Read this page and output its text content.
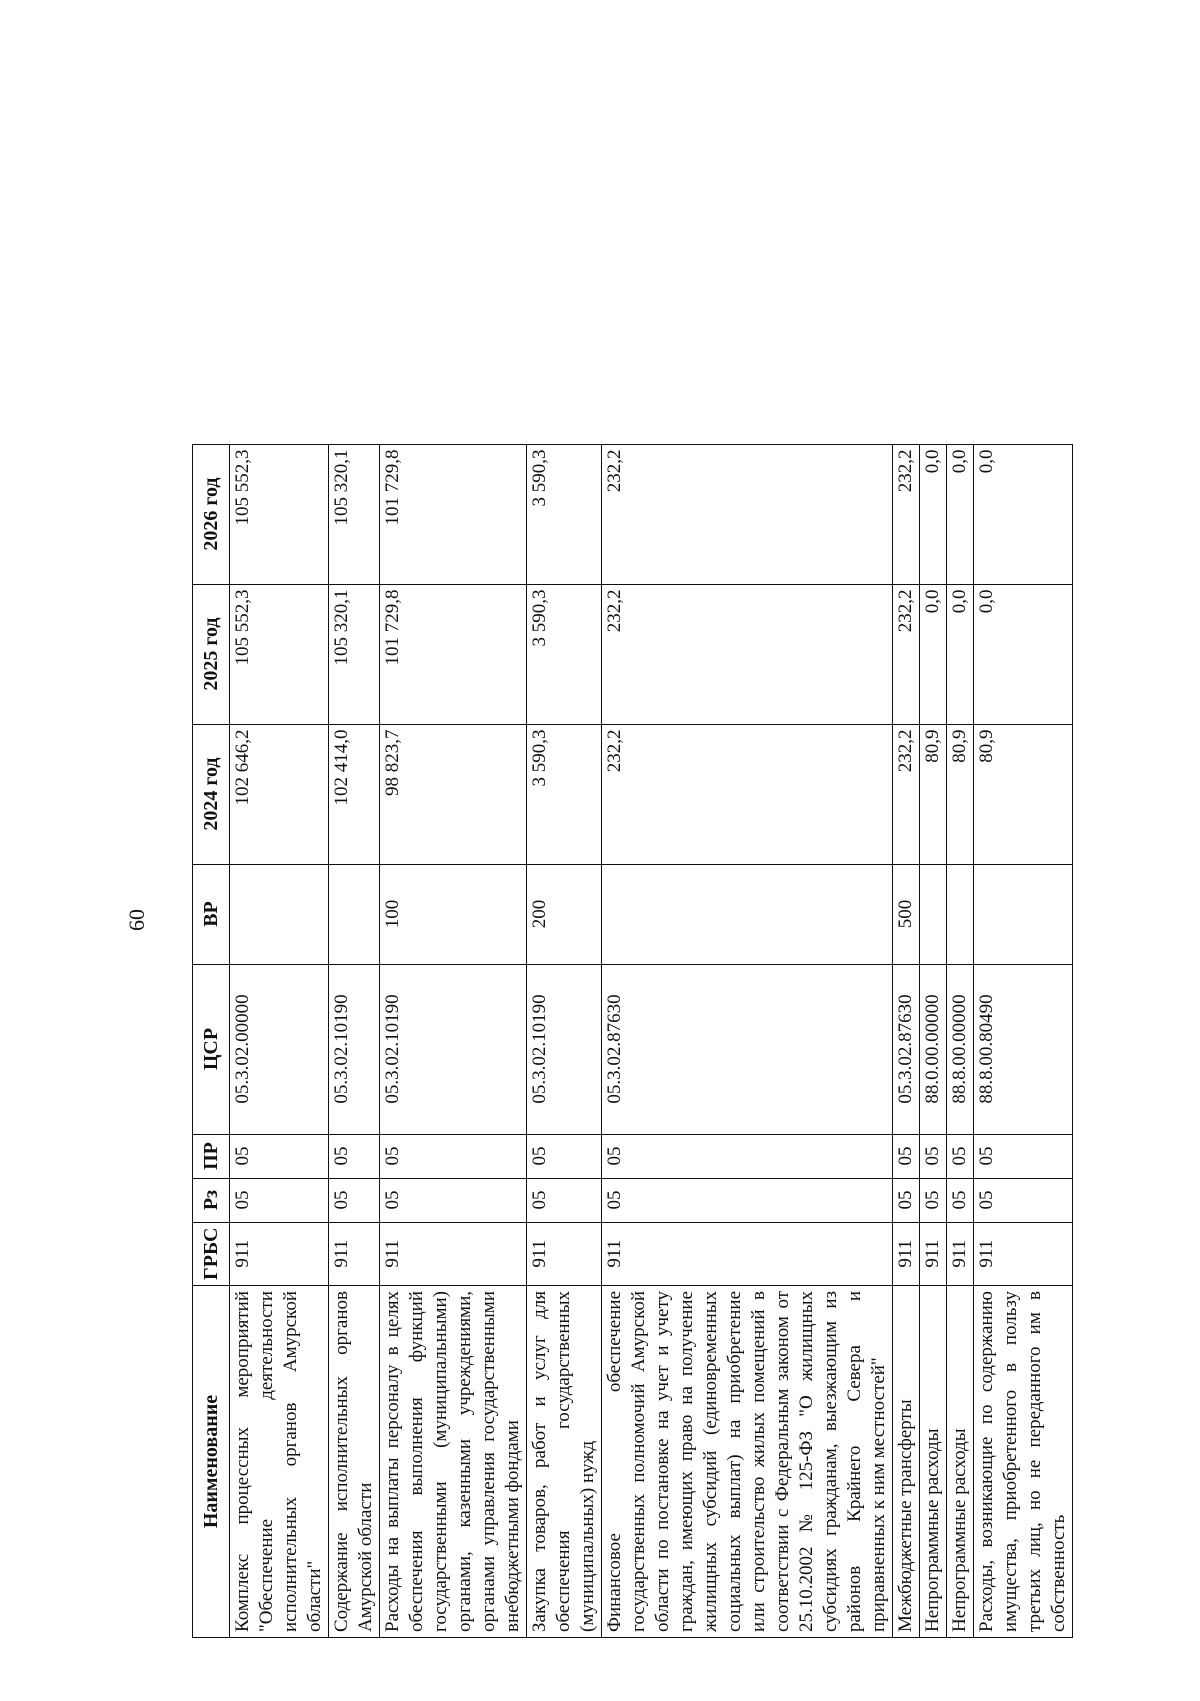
60
Наименование	ГРБС	Рз	ПР	ЦСР	ВР	2024 год	2025 год	2026 год
Комплекс процессных мероприятий "Обеспечение деятельности исполнительных органов Амурской области"	911	05	05	05.3.02.00000		102 646,2	105 552,3	105 552,3
Содержание исполнительных органов Амурской области	911	05	05	05.3.02.10190		102 414,0	105 320,1	105 320,1
Расходы на выплаты персоналу в целях обеспечения выполнения функций государственными (муниципальными) органами, казенными учреждениями, органами управления государственными внебюджетными фондами	911	05	05	05.3.02.10190	100	98 823,7	101 729,8	101 729,8
Закупка товаров, работ и услуг для обеспечения государственных (муниципальных) нужд	911	05	05	05.3.02.10190	200	3 590,3	3 590,3	3 590,3
Финансовое обеспечение государственных полномочий Амурской области по постановке на учет и учету граждан, имеющих право на получение жилищных субсидий (единовременных социальных выплат) на приобретение или строительство жилых помещений в соответствии с Федеральным законом от 25.10.2002 № 125-ФЗ "О жилищных субсидиях гражданам, выезжающим из районов Крайнего Севера и приравненных к ним местностей"	911	05	05	05.3.02.87630		232,2	232,2	232,2
Межбюджетные трансферты	911	05	05	05.3.02.87630	500	232,2	232,2	232,2
Непрограммные расходы	911	05	05	88.0.00.00000		80,9	0,0	0,0
Непрограммные расходы	911	05	05	88.8.00.00000		80,9	0,0	0,0
Расходы, возникающие по содержанию имущества, приобретенного в пользу третьих лиц, но не переданного им в собственность	911	05	05	88.8.00.80490		80,9	0,0	0,0
